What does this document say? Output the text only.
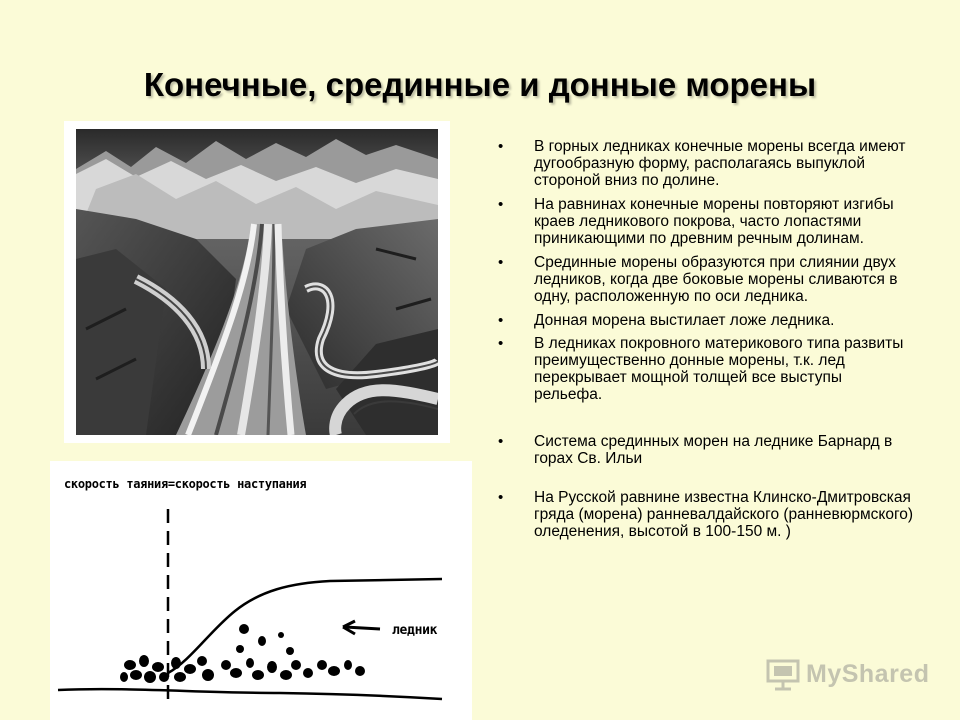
Конечные, срединные и донные морены
скорость таяния=скорость наступания
ледник
• В горных ледниках конечные морены всегда имеют дугообразную форму, располагаясь выпуклой стороной вниз по долине.
• На равнинах конечные морены повторяют изгибы краев ледникового покрова, часто лопастями приникающими по древним речным долинам.
• Срединные морены образуются при слиянии двух ледников, когда две боковые морены сливаются в одну, расположенную по оси ледника.
• Донная морена выстилает ложе ледника.
• В ледниках покровного материкового типа развиты преимущественно донные морены, т.к. лед перекрывает мощной толщей все выступы рельефа.
• Система срединных морен на леднике Барнард в горах Св. Ильи
• На Русской равнине известна Клинско-Дмитровская гряда (морена) ранневалдайского (ранневюрмского) оледенения, высотой в 100-150 м. )
MyShared
